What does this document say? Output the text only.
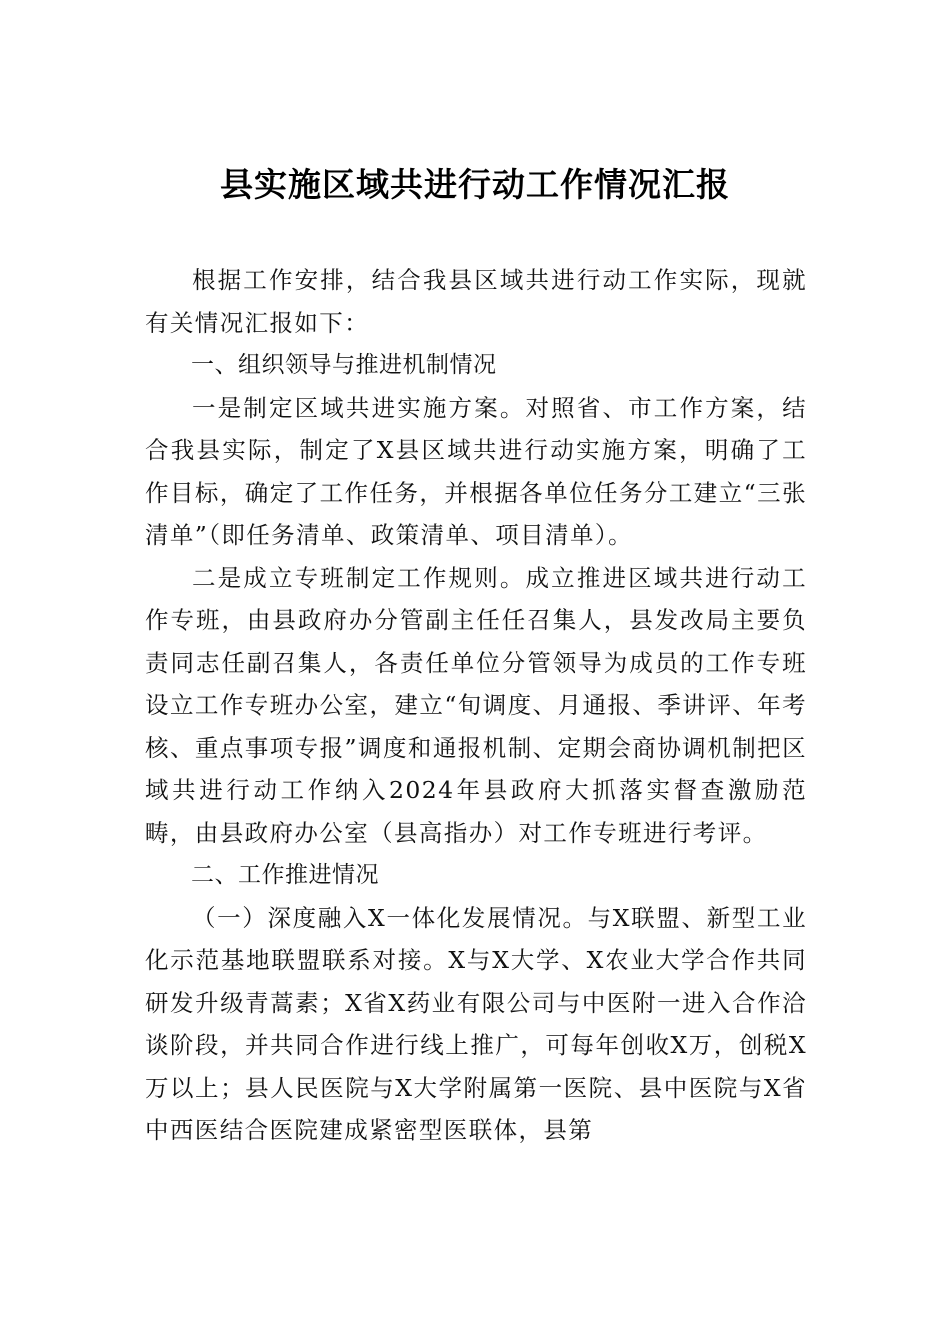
县实施区域共进行动工作情况汇报

根据工作安排，结合我县区域共进行动工作实际，现就有关情况汇报如下：

一、组织领导与推进机制情况

一是制定区域共进实施方案。对照省、市工作方案，结合我县实际，制定了X县区域共进行动实施方案，明确了工作目标，确定了工作任务，并根据各单位任务分工建立“三张清单”（即任务清单、政策清单、项目清单）。

二是成立专班制定工作规则。成立推进区域共进行动工作专班，由县政府办分管副主任任召集人，县发改局主要负责同志任副召集人，各责任单位分管领导为成员的工作专班设立工作专班办公室，建立“旬调度、月通报、季讲评、年考核、重点事项专报”调度和通报机制、定期会商协调机制把区域共进行动工作纳入2024年县政府大抓落实督查激励范畴，由县政府办公室（县高指办）对工作专班进行考评。

二、工作推进情况

（一）深度融入X一体化发展情况。与X联盟、新型工业化示范基地联盟联系对接。X与X大学、X农业大学合作共同研发升级青蒿素；X省X药业有限公司与中医附一进入合作洽谈阶段，并共同合作进行线上推广，可每年创收X万，创税X万以上；县人民医院与X大学附属第一医院、县中医院与X省中西医结合医院建成紧密型医联体，县第
